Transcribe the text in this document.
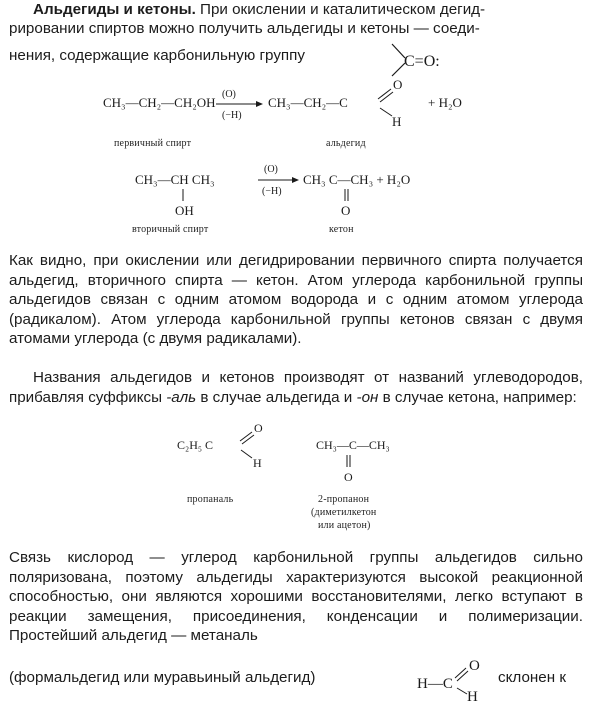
Альдегиды и кетоны. При окислении и каталитическом дегид-

рировании спиртов можно получить альдегиды и кетоны — соеди-
нения, содержащие карбонильную группу	C=O:
CH₃—CH₂—CH₂OH
(O)
(−H)
CH₃—CH₂—C
O
H
+ H₂O
CH₃—CH CH₃
OH
(O)
(−H)
CH₃ C—CH₃ + H₂O
O
C₂H₅ C
O
H
CH₃—C—CH₃
O
H—C
O
H
первичный спирт	альдегид
вторичный спирт	кетон

Как видно, при окислении или дегидрировании первичного спирта получается альдегид, вторичного спирта — кетон. Атом углерода карбонильной группы альдегидов связан с одним атомом водорода и с одним атомом углерода (радикалом). Атом углерода карбонильной группы кетонов связан с двумя атомами углерода (с двумя радикалами).

Названия альдегидов и кетонов производят от названий углеводородов, прибавляя суффиксы -аль в случае альдегида и -он в случае кетона, например:

пропаналь	2-пропанон
(диметилкетон
или ацетон)

Связь кислород — углерод карбонильной группы альдегидов сильно поляризована, поэтому альдегиды характеризуются высокой реакционной способностью, они являются хорошими восстановителями, легко вступают в реакции замещения, присоединения, конденсации и полимеризации. Простейший альдегид — метаналь

(формальдегид или муравьиный альдегид)	склонен к
